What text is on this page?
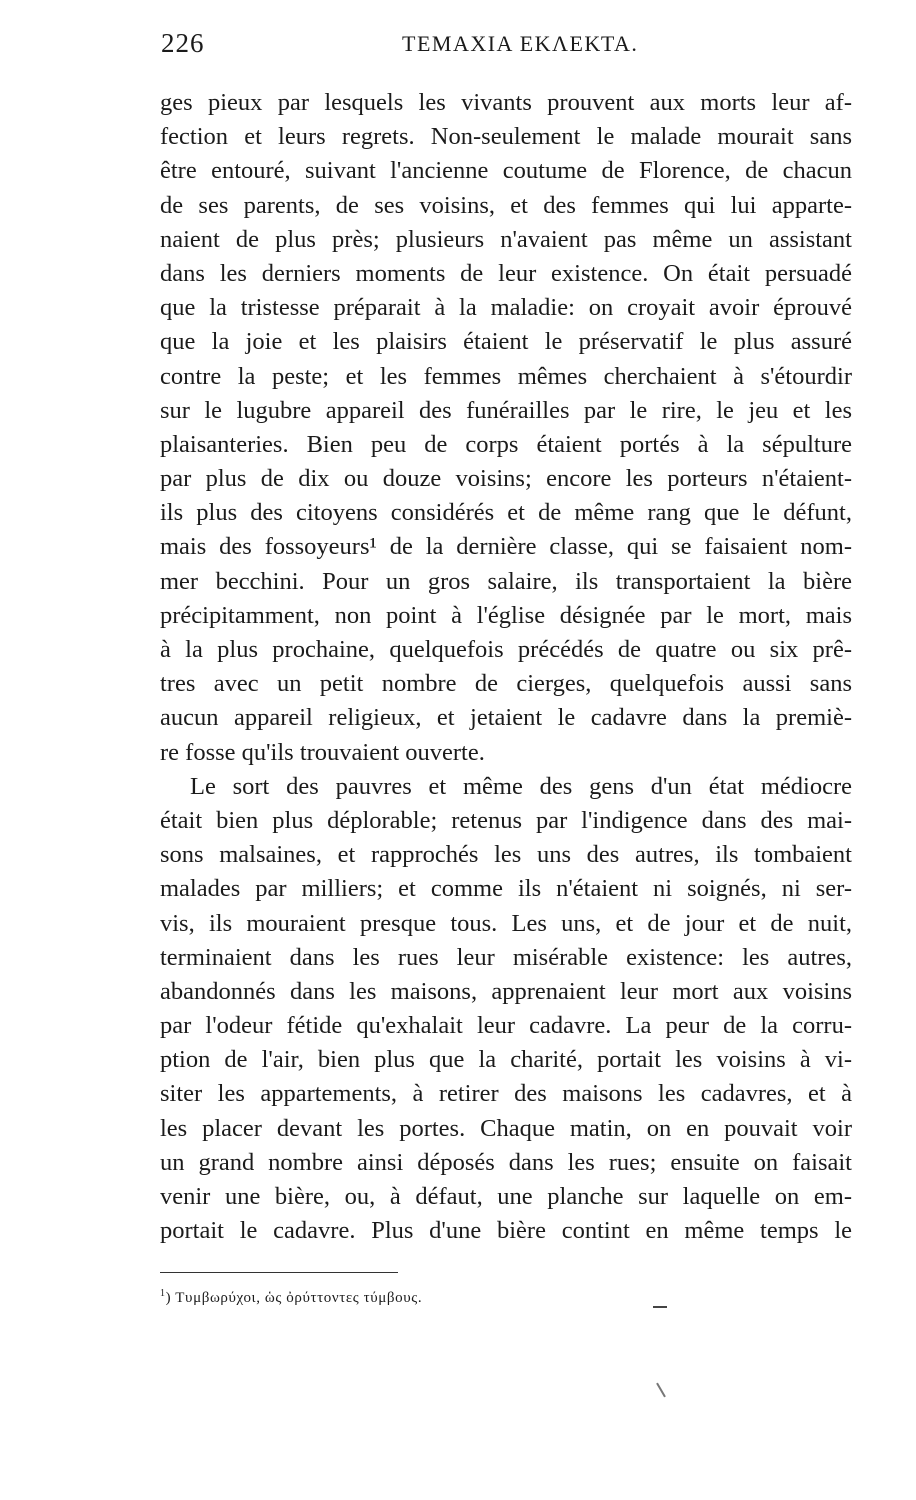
226	ΤΕΜΑΧΙΑ ΕΚΛΕΚΤΑ.
ges pieux par lesquels les vivants prouvent aux morts leur af-
fection et leurs regrets. Non-seulement le malade mourait sans
être entouré, suivant l'ancienne coutume de Florence, de chacun
de ses parents, de ses voisins, et des femmes qui lui apparte-
naient de plus près; plusieurs n'avaient pas même un assistant
dans les derniers moments de leur existence. On était persuadé
que la tristesse préparait à la maladie: on croyait avoir éprouvé
que la joie et les plaisirs étaient le préservatif le plus assuré
contre la peste; et les femmes mêmes cherchaient à s'étourdir
sur le lugubre appareil des funérailles par le rire, le jeu et les
plaisanteries. Bien peu de corps étaient portés à la sépulture
par plus de dix ou douze voisins; encore les porteurs n'étaient-
ils plus des citoyens considérés et de même rang que le défunt,
mais des fossoyeurs¹ de la dernière classe, qui se faisaient nom-
mer becchini. Pour un gros salaire, ils transportaient la bière
précipitamment, non point à l'église désignée par le mort, mais
à la plus prochaine, quelquefois précédés de quatre ou six prê-
tres avec un petit nombre de cierges, quelquefois aussi sans
aucun appareil religieux, et jetaient le cadavre dans la premiè-
re fosse qu'ils trouvaient ouverte.
Le sort des pauvres et même des gens d'un état médiocre
était bien plus déplorable; retenus par l'indigence dans des mai-
sons malsaines, et rapprochés les uns des autres, ils tombaient
malades par milliers; et comme ils n'étaient ni soignés, ni ser-
vis, ils mouraient presque tous. Les uns, et de jour et de nuit,
terminaient dans les rues leur misérable existence: les autres,
abandonnés dans les maisons, apprenaient leur mort aux voisins
par l'odeur fétide qu'exhalait leur cadavre. La peur de la corru-
ption de l'air, bien plus que la charité, portait les voisins à vi-
siter les appartements, à retirer des maisons les cadavres, et à
les placer devant les portes. Chaque matin, on en pouvait voir
un grand nombre ainsi déposés dans les rues; ensuite on faisait
venir une bière, ou, à défaut, une planche sur laquelle on em-
portait le cadavre. Plus d'une bière contint en même temps le
$^1$) Τυμβωρύχοι, ὡς ὀρύττοντες τύμβους.
